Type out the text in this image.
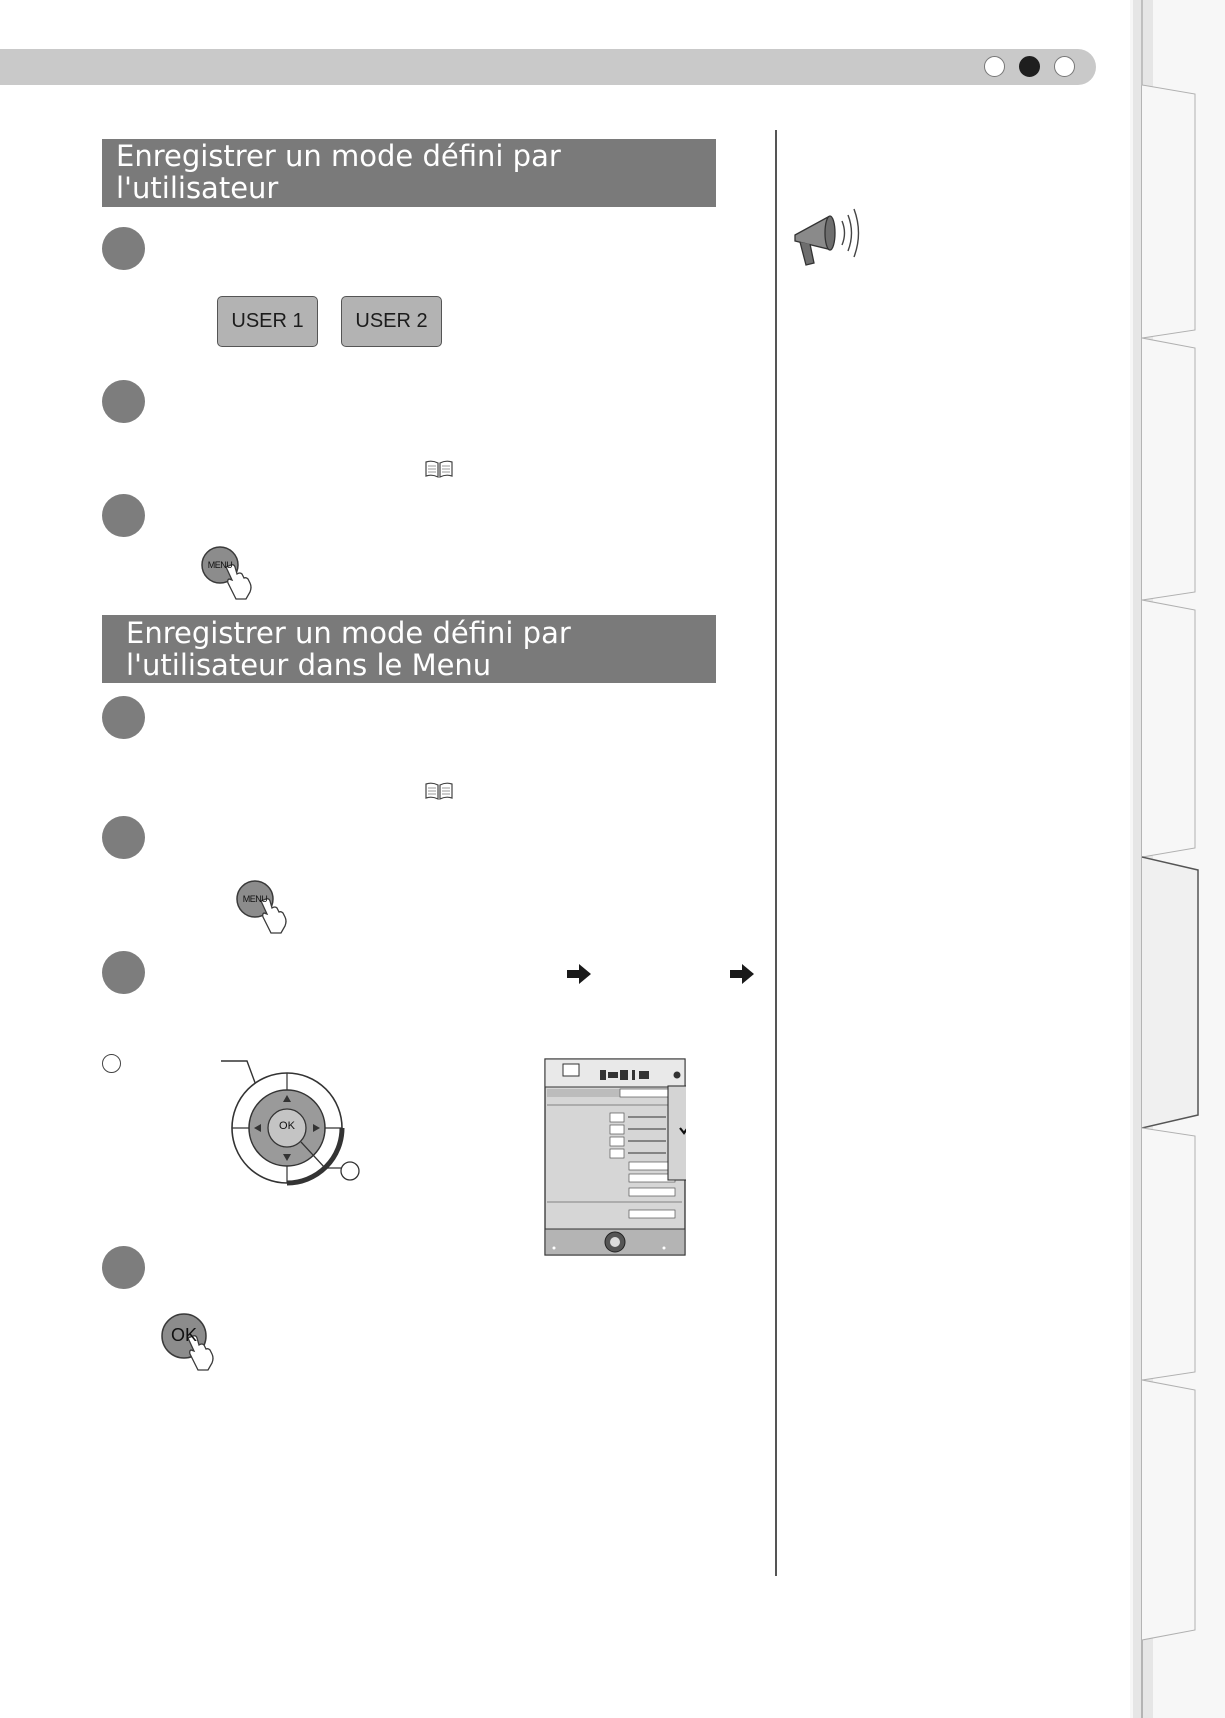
Enregistrer un mode défini par
l'utilisateur
USER 1	USER 2
MENU
Enregistrer un mode défini par
l'utilisateur dans le Menu
MENU
OK
OK
